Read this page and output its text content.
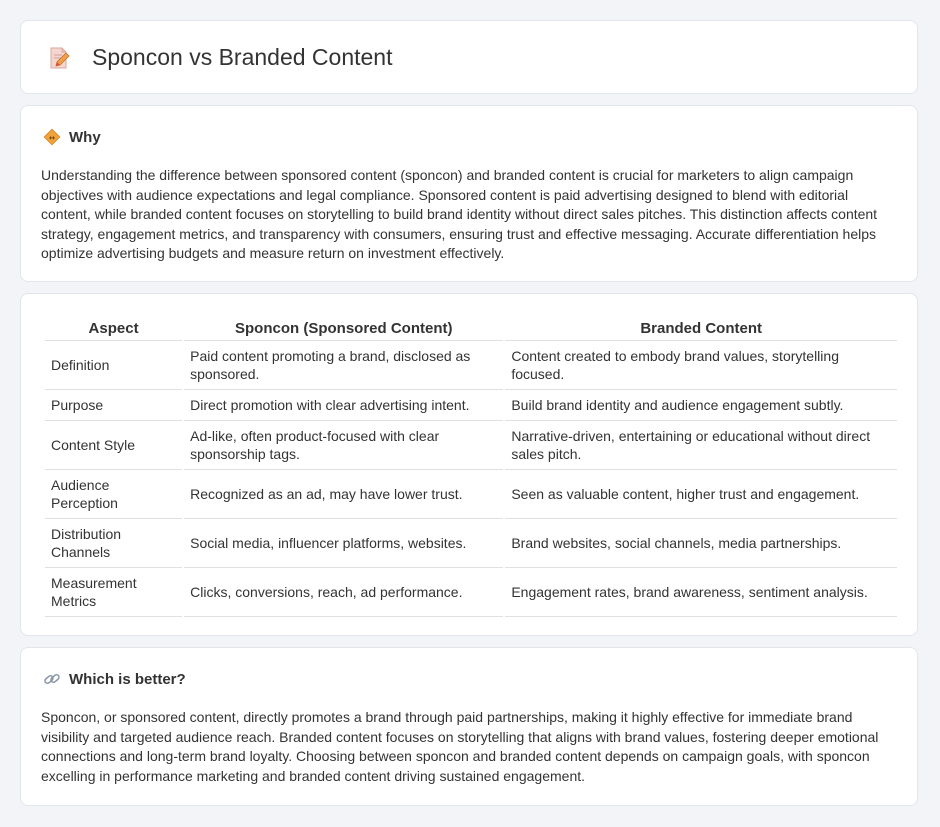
Sponcon vs Branded Content
↔ Why

Understanding the difference between sponsored content (sponcon) and branded content is crucial for marketers to align campaign objectives with audience expectations and legal compliance. Sponsored content is paid advertising designed to blend with editorial content, while branded content focuses on storytelling to build brand identity without direct sales pitches. This distinction affects content strategy, engagement metrics, and transparency with consumers, ensuring trust and effective messaging. Accurate differentiation helps optimize advertising budgets and measure return on investment effectively.

Aspect	Sponcon (Sponsored Content)	Branded Content
Definition	Paid content promoting a brand, disclosed as sponsored.	Content created to embody brand values, storytelling focused.
Purpose	Direct promotion with clear advertising intent.	Build brand identity and audience engagement subtly.
Content Style	Ad-like, often product-focused with clear sponsorship tags.	Narrative-driven, entertaining or educational without direct sales pitch.
Audience Perception	Recognized as an ad, may have lower trust.	Seen as valuable content, higher trust and engagement.
Distribution Channels	Social media, influencer platforms, websites.	Brand websites, social channels, media partnerships.
Measurement Metrics	Clicks, conversions, reach, ad performance.	Engagement rates, brand awareness, sentiment analysis.
Which is better?

Sponcon, or sponsored content, directly promotes a brand through paid partnerships, making it highly effective for immediate brand visibility and targeted audience reach. Branded content focuses on storytelling that aligns with brand values, fostering deeper emotional connections and long-term brand loyalty. Choosing between sponcon and branded content depends on campaign goals, with sponcon excelling in performance marketing and branded content driving sustained engagement.
